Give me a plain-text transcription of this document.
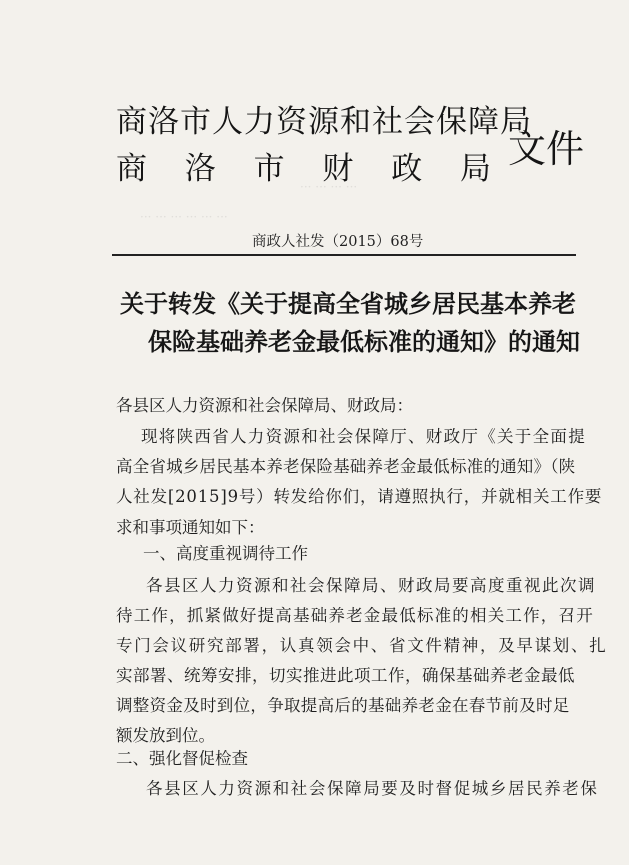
··· ··· ··· ···
··· ··· ··· ··· ··· ···
商洛市人力资源和社会保障局
商 洛 市 财 政 局 文件
商政人社发（2015）68号
关于转发《关于提高全省城乡居民基本养老
保险基础养老金最低标准的通知》的通知
各县区人力资源和社会保障局、财政局：
现将陕西省人力资源和社会保障厅、财政厅《关于全面提
高全省城乡居民基本养老保险基础养老金最低标准的通知》（陕
人社发[2015]9号）转发给你们，请遵照执行，并就相关工作要
求和事项通知如下：
一、高度重视调待工作
各县区人力资源和社会保障局、财政局要高度重视此次调
待工作，抓紧做好提高基础养老金最低标准的相关工作，召开
专门会议研究部署，认真领会中、省文件精神，及早谋划、扎
实部署、统筹安排，切实推进此项工作，确保基础养老金最低
调整资金及时到位，争取提高后的基础养老金在春节前及时足
额发放到位。
二、强化督促检查
各县区人力资源和社会保障局要及时督促城乡居民养老保
